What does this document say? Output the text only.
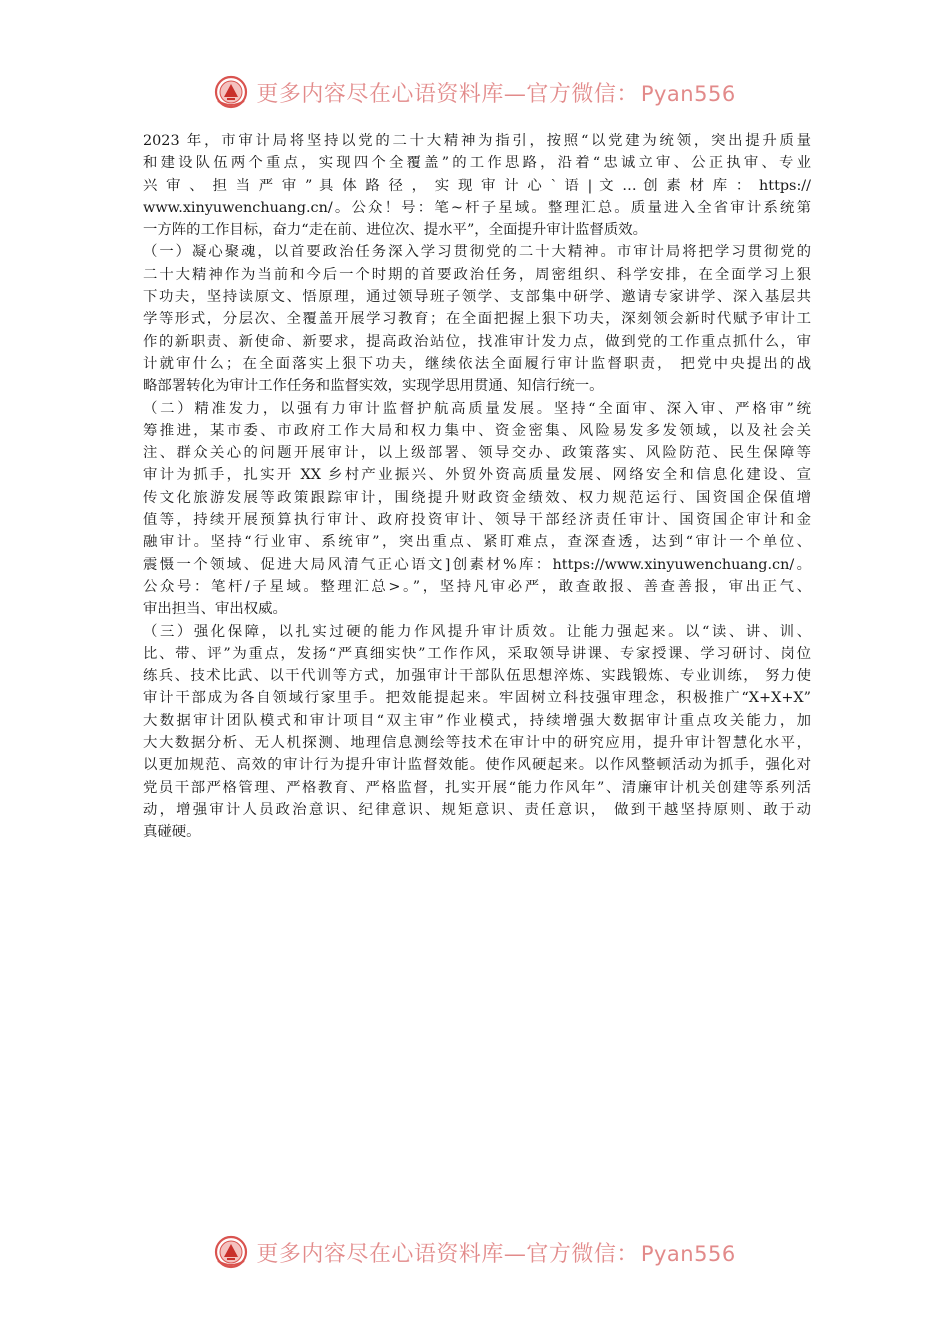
更多内容尽在心语资料库—官方微信： Pyan556
2023 年，市审计局将坚持以党的二十大精神为指引，按照“以党建为统领，突出提升质量
和建设队伍两个重点，实现四个全覆盖”的工作思路，沿着“忠诚立审、公正执审、专业
兴 审 、 担 当 严 审 ” 具 体 路 径 ， 实 现 审 计 心 ` 语 | 文 … 创 素 材 库 ： https://
www.xinyuwenchuang.cn/。公众！号：笔~杆子星域。整理汇总。质量进入全省审计系统第
一方阵的工作目标，奋力“走在前、进位次、提水平”，全面提升审计监督质效。
（一）凝心聚魂，以首要政治任务深入学习贯彻党的二十大精神。市审计局将把学习贯彻党的
二十大精神作为当前和今后一个时期的首要政治任务，周密组织、科学安排，在全面学习上狠
下功夫，坚持读原文、悟原理，通过领导班子领学、支部集中研学、邀请专家讲学、深入基层共
学等形式，分层次、全覆盖开展学习教育；在全面把握上狠下功夫，深刻领会新时代赋予审计工
作的新职责、新使命、新要求，提高政治站位，找准审计发力点，做到党的工作重点抓什么，审
计就审什么；在全面落实上狠下功夫，继续依法全面履行审计监督职责， 把党中央提出的战
略部署转化为审计工作任务和监督实效，实现学思用贯通、知信行统一。
（二）精准发力，以强有力审计监督护航高质量发展。坚持“全面审、深入审、严格审”统
筹推进，某市委、市政府工作大局和权力集中、资金密集、风险易发多发领域，以及社会关
注、群众关心的问题开展审计，以上级部署、领导交办、政策落实、风险防范、民生保障等
审计为抓手，扎实开 XX 乡村产业振兴、外贸外资高质量发展、网络安全和信息化建设、宣
传文化旅游发展等政策跟踪审计，围绕提升财政资金绩效、权力规范运行、国资国企保值增
值等，持续开展预算执行审计、政府投资审计、领导干部经济责任审计、国资国企审计和金
融审计。坚持“行业审、系统审”，突出重点、紧盯难点，查深查透，达到“审计一个单位、
震慑一个领域、促进大局风清气正心语文]创素材%库：https://www.xinyuwenchuang.cn/。
公众号：笔杆/子星域。整理汇总>。”，坚持凡审必严，敢查敢报、善查善报，审出正气、
审出担当、审出权威。
（三）强化保障，以扎实过硬的能力作风提升审计质效。让能力强起来。以“读、讲、训、
比、带、评”为重点，发扬“严真细实快”工作作风，采取领导讲课、专家授课、学习研讨、岗位
练兵、技术比武、以干代训等方式，加强审计干部队伍思想淬炼、实践锻炼、专业训练， 努力使
审计干部成为各自领域行家里手。把效能提起来。牢固树立科技强审理念，积极推广“X+X+X”
大数据审计团队模式和审计项目“双主审”作业模式，持续增强大数据审计重点攻关能力，加
大大数据分析、无人机探测、地理信息测绘等技术在审计中的研究应用，提升审计智慧化水平，
以更加规范、高效的审计行为提升审计监督效能。使作风硬起来。以作风整顿活动为抓手，强化对
党员干部严格管理、严格教育、严格监督，扎实开展“能力作风年”、清廉审计机关创建等系列活
动，增强审计人员政治意识、纪律意识、规矩意识、责任意识， 做到干越坚持原则、敢于动
真碰硬。
更多内容尽在心语资料库—官方微信： Pyan556
